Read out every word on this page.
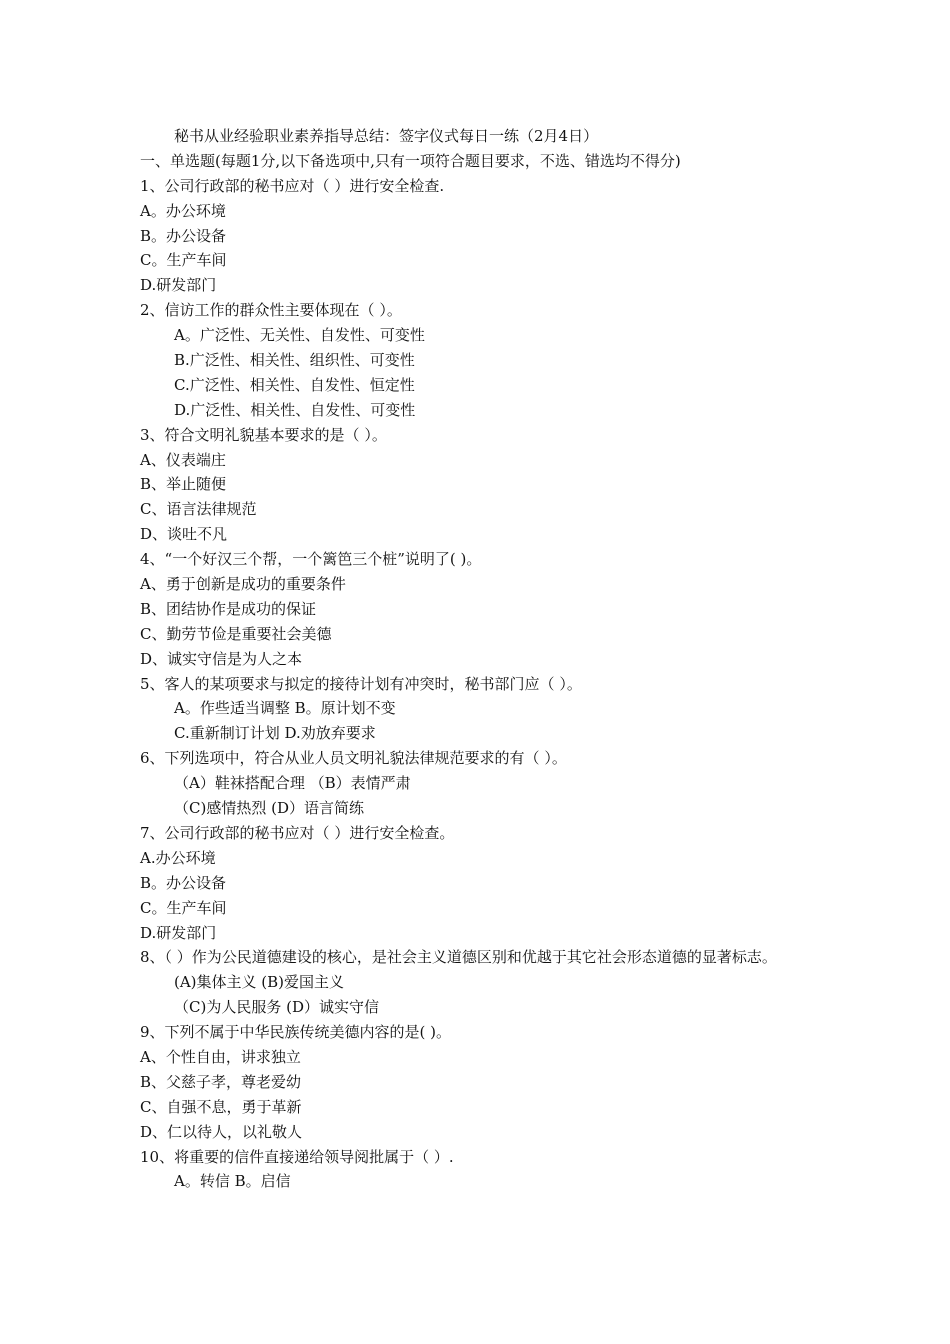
秘书从业经验职业素养指导总结：签字仪式每日一练（2月4日）
一、单选题(每题1分,以下备选项中,只有一项符合题目要求，不选、错选均不得分)
1、公司行政部的秘书应对（ ）进行安全检查.
A。办公环境
B。办公设备
C。生产车间
D.研发部门
2、信访工作的群众性主要体现在（ ）。
A。广泛性、无关性、自发性、可变性
B.广泛性、相关性、组织性、可变性
C.广泛性、相关性、自发性、恒定性
D.广泛性、相关性、自发性、可变性
3、符合文明礼貌基本要求的是（ ）。
A、仪表端庄
B、举止随便
C、语言法律规范
D、谈吐不凡
4、“一个好汉三个帮，一个篱笆三个桩”说明了( )。
A、勇于创新是成功的重要条件
B、团结协作是成功的保证
C、勤劳节俭是重要社会美德
D、诚实守信是为人之本
5、客人的某项要求与拟定的接待计划有冲突时，秘书部门应（ ）。
A。作些适当调整 B。原计划不变
C.重新制订计划 D.劝放弃要求
6、下列选项中，符合从业人员文明礼貌法律规范要求的有（ ）。
（A）鞋袜搭配合理 （B）表情严肃
（C)感情热烈 (D）语言简练
7、公司行政部的秘书应对（ ）进行安全检查。
A.办公环境
B。办公设备
C。生产车间
D.研发部门
8、（ ）作为公民道德建设的核心，是社会主义道德区别和优越于其它社会形态道德的显著标志。
(A)集体主义 (B)爱国主义
（C)为人民服务 (D）诚实守信
9、下列不属于中华民族传统美德内容的是( )。
A、个性自由，讲求独立
B、父慈子孝，尊老爱幼
C、自强不息，勇于革新
D、仁以待人，以礼敬人
10、将重要的信件直接递给领导阅批属于（ ）.
A。转信 B。启信
